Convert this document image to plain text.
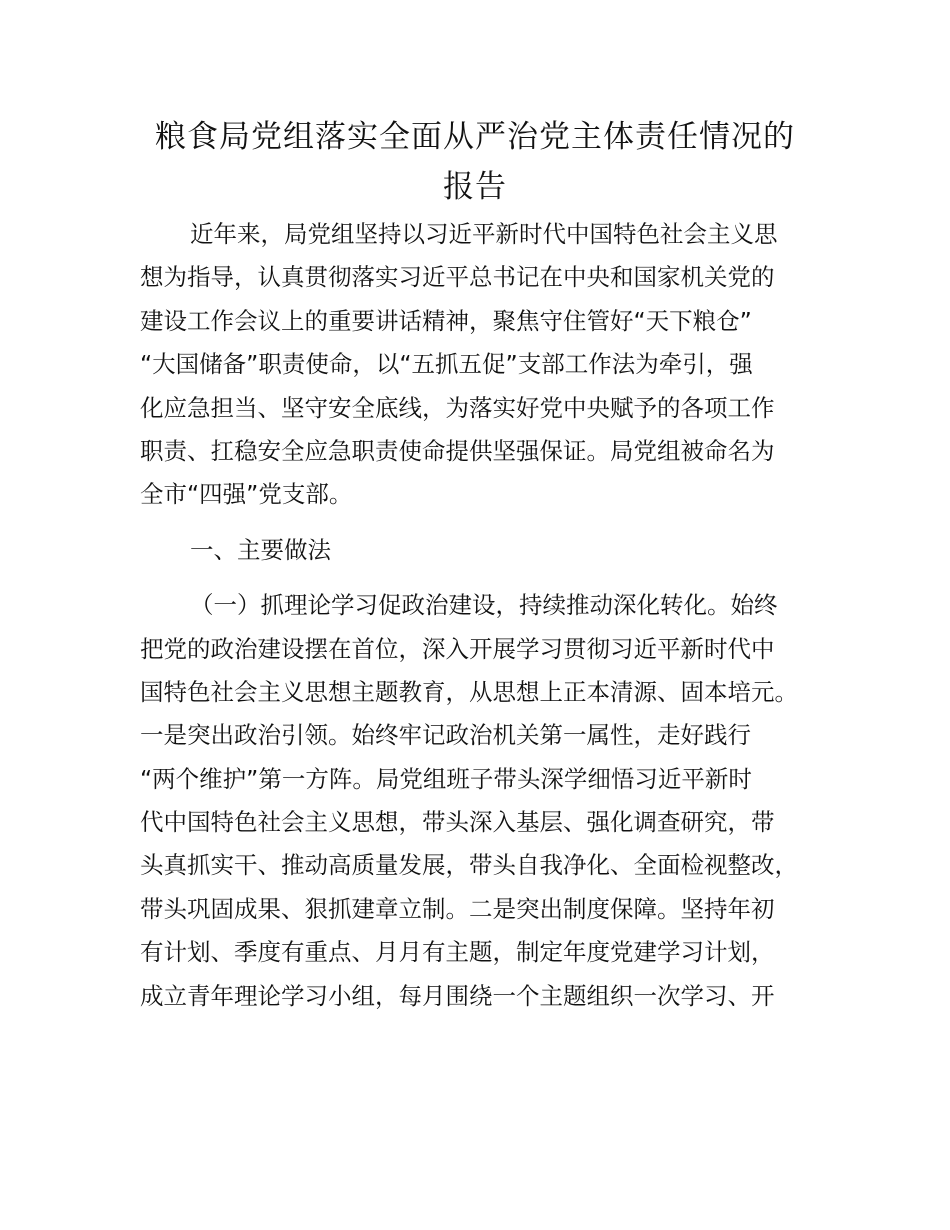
粮食局党组落实全面从严治党主体责任情况的
报告

近年来，局党组坚持以习近平新时代中国特色社会主义思

想为指导，认真贯彻落实习近平总书记在中央和国家机关党的

建设工作会议上的重要讲话精神，聚焦守住管好“天下粮仓”

“大国储备”职责使命，以“五抓五促”支部工作法为牵引，强

化应急担当、坚守安全底线，为落实好党中央赋予的各项工作

职责、扛稳安全应急职责使命提供坚强保证。局党组被命名为

全市“四强”党支部。

一、主要做法

（一）抓理论学习促政治建设，持续推动深化转化。始终

把党的政治建设摆在首位，深入开展学习贯彻习近平新时代中

国特色社会主义思想主题教育，从思想上正本清源、固本培元。

一是突出政治引领。始终牢记政治机关第一属性，走好践行

“两个维护”第一方阵。局党组班子带头深学细悟习近平新时

代中国特色社会主义思想，带头深入基层、强化调查研究，带

头真抓实干、推动高质量发展，带头自我净化、全面检视整改，

带头巩固成果、狠抓建章立制。二是突出制度保障。坚持年初

有计划、季度有重点、月月有主题，制定年度党建学习计划，

成立青年理论学习小组，每月围绕一个主题组织一次学习、开
